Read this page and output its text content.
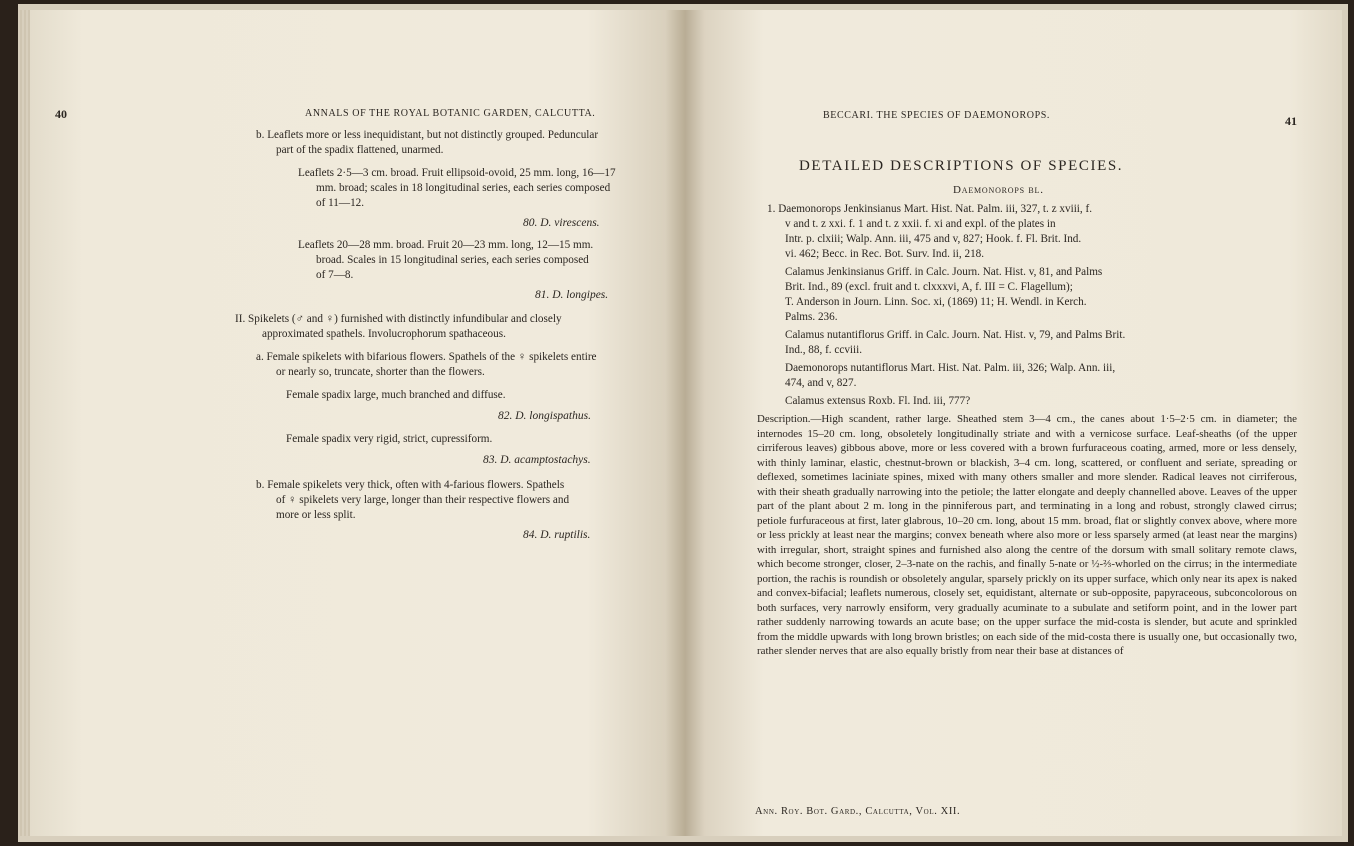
40	ANNALS OF THE ROYAL BOTANIC GARDEN, CALCUTTA.
b. Leaflets more or less inequidistant, but not distinctly grouped. Peduncular
part of the spadix flattened, unarmed.
Leaflets 2·5—3 cm. broad. Fruit ellipsoid-ovoid, 25 mm. long, 16—17
mm. broad; scales in 18 longitudinal series, each series composed
of 11—12.
80. D. virescens.
Leaflets 20—28 mm. broad. Fruit 20—23 mm. long, 12—15 mm.
broad. Scales in 15 longitudinal series, each series composed
of 7—8.
81. D. longipes.
II. Spikelets (♂ and ♀) furnished with distinctly infundibular and closely
approximated spathels. Involucrophorum spathaceous.
a. Female spikelets with bifarious flowers. Spathels of the ♀ spikelets entire
or nearly so, truncate, shorter than the flowers.
Female spadix large, much branched and diffuse.
82. D. longispathus.
Female spadix very rigid, strict, cupressiform.
83. D. acamptostachys.
b. Female spikelets very thick, often with 4-farious flowers. Spathels
of ♀ spikelets very large, longer than their respective flowers and
more or less split.
84. D. ruptilis.
BECCARI. THE SPECIES OF DAEMONOROPS.	41
DETAILED DESCRIPTIONS OF SPECIES.
Daemonorops bl.
1. Daemonorops Jenkinsianus Mart. Hist. Nat. Palm. iii, 327, t. z xviii, f.
v and t. z xxi. f. 1 and t. z xxii. f. xi and expl. of the plates in
Intr. p. clxiii; Walp. Ann. iii, 475 and v, 827; Hook. f. Fl. Brit. Ind.
vi. 462; Becc. in Rec. Bot. Surv. Ind. ii, 218.
Calamus Jenkinsianus Griff. in Calc. Journ. Nat. Hist. v, 81, and Palms
Brit. Ind., 89 (excl. fruit and t. clxxxvi, A, f. III = C. Flagellum);
T. Anderson in Journ. Linn. Soc. xi, (1869) 11; H. Wendl. in Kerch.
Palms. 236.
Calamus nutantiflorus Griff. in Calc. Journ. Nat. Hist. v, 79, and Palms Brit.
Ind., 88, f. ccviii.
Daemonorops nutantiflorus Mart. Hist. Nat. Palm. iii, 326; Walp. Ann. iii,
474, and v, 827.
Calamus extensus Roxb. Fl. Ind. iii, 777?
Description.—High scandent, rather large. Sheathed stem 3—4 cm., the canes about 1·5–2·5 cm. in diameter; the internodes 15–20 cm. long, obsoletely longitudinally striate and with a vernicose surface. Leaf-sheaths (of the upper cirriferous leaves) gibbous above, more or less covered with a brown furfuraceous coating, armed, more or less densely, with thinly laminar, elastic, chestnut-brown or blackish, 3–4 cm. long, scattered, or confluent and seriate, spreading or deflexed, sometimes laciniate spines, mixed with many others smaller and more slender. Radical leaves not cirriferous, with their sheath gradually narrowing into the petiole; the latter elongate and deeply channelled above. Leaves of the upper part of the plant about 2 m. long in the pinniferous part, and terminating in a long and robust, strongly clawed cirrus; petiole furfuraceous at first, later glabrous, 10–20 cm. long, about 15 mm. broad, flat or slightly convex above, where more or less prickly at least near the margins; convex beneath where also more or less sparsely armed (at least near the margins) with irregular, short, straight spines and furnished also along the centre of the dorsum with small solitary remote claws, which become stronger, closer, 2–3-nate on the rachis, and finally 5-nate or ½-⅔-whorled on the cirrus; in the intermediate portion, the rachis is roundish or obsoletely angular, sparsely prickly on its upper surface, which only near its apex is naked and convex-bifacial; leaflets numerous, closely set, equidistant, alternate or sub-opposite, papyraceous, subconcolorous on both surfaces, very narrowly ensiform, very gradually acuminate to a subulate and setiform point, and in the lower part rather suddenly narrowing towards an acute base; on the upper surface the mid-costa is slender, but acute and sprinkled from the middle upwards with long brown bristles; on each side of the mid-costa there is usually one, but occasionally two, rather slender nerves that are also equally bristly from near their base at distances of
Ann. Roy. Bot. Gard., Calcutta, Vol. XII.
